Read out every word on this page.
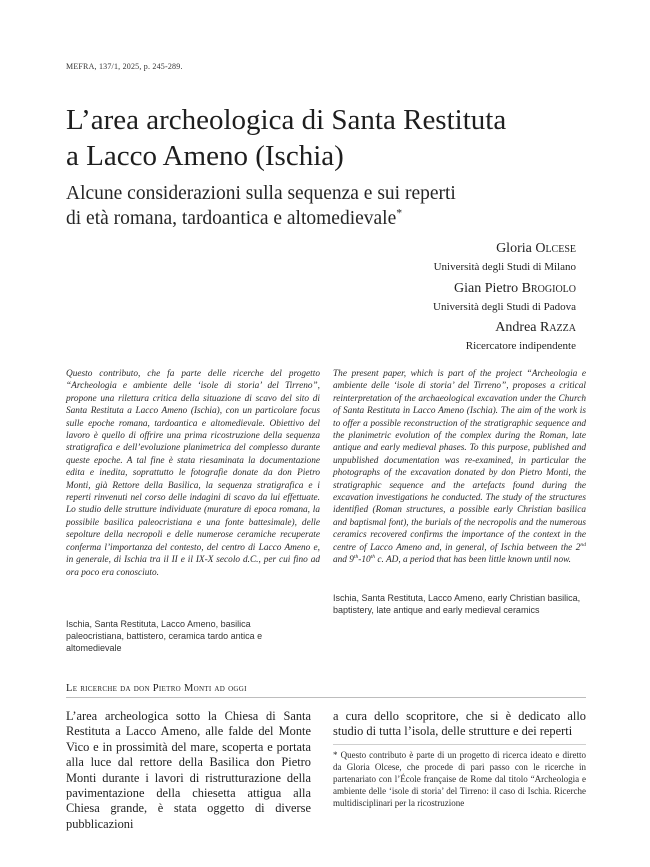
MEFRA, 137/1, 2025, p. 245-289.
L’area archeologica di Santa Restituta
a Lacco Ameno (Ischia)
Alcune considerazioni sulla sequenza e sui reperti
di età romana, tardoantica e altomedievale*
Gloria Olcese
Università degli Studi di Milano
Gian Pietro Brogiolo
Università degli Studi di Padova
Andrea Razza
Ricercatore indipendente
Questo contributo, che fa parte delle ricerche del progetto “Archeologia e ambiente delle ‘isole di storia’ del Tirreno”, propone una rilettura critica della situazione di scavo del sito di Santa Restituta a Lacco Ameno (Ischia), con un particolare focus sulle epoche romana, tardoantica e altomedievale. Obiettivo del lavoro è quello di offrire una prima ricostruzione della sequenza stratigrafica e dell’evoluzione planimetrica del complesso durante queste epoche. A tal fine è stata riesaminata la documentazione edita e inedita, soprattutto le fotografie donate da don Pietro Monti, già Rettore della Basilica, la sequenza stratigrafica e i reperti rinvenuti nel corso delle indagini di scavo da lui effettuate. Lo studio delle strutture individuate (murature di epoca romana, la possibile basilica paleocristiana e una fonte battesimale), delle sepolture della necropoli e delle numerose ceramiche recuperate conferma l’importanza del contesto, del centro di Lacco Ameno e, in generale, di Ischia tra il II e il IX-X secolo d.C., per cui fino ad ora poco era conosciuto.
The present paper, which is part of the project “Archeologia e ambiente delle ‘isole di storia’ del Tirreno”, proposes a critical reinterpretation of the archaeological excavation under the Church of Santa Restituta in Lacco Ameno (Ischia). The aim of the work is to offer a possible reconstruction of the stratigraphic sequence and the planimetric evolution of the complex during the Roman, late antique and early medieval phases. To this purpose, published and unpublished documentation was re-examined, in particular the photographs of the excavation donated by don Pietro Monti, the stratigraphic sequence and the artefacts found during the excavation investigations he conducted. The study of the structures identified (Roman structures, a possible early Christian basilica and baptismal font), the burials of the necropolis and the numerous ceramics recovered confirms the importance of the context in the centre of Lacco Ameno and, in general, of Ischia between the 2nd and 9th-10th c. AD, a period that has been little known until now.
Ischia, Santa Restituta, Lacco Ameno, basilica paleocristiana, battistero, ceramica tardo antica e altomedievale
Ischia, Santa Restituta, Lacco Ameno, early Christian basilica, baptistery, late antique and early medieval ceramics
Le ricerche da don Pietro Monti ad oggi
L’area archeologica sotto la Chiesa di Santa Restituta a Lacco Ameno, alle falde del Monte Vico e in prossimità del mare, scoperta e portata alla luce dal rettore della Basilica don Pietro Monti durante i lavori di ristrutturazione della pavimentazione della chiesetta attigua alla Chiesa grande, è stata oggetto di diverse pubblicazioni
a cura dello scopritore, che si è dedicato allo studio di tutta l’isola, delle strutture e dei reperti
* Questo contributo è parte di un progetto di ricerca ideato e diretto da Gloria Olcese, che procede di pari passo con le ricerche in partenariato con l’École française de Rome dal titolo “Archeologia e ambiente delle ‘isole di storia’ del Tirreno: il caso di Ischia. Ricerche multidisciplinari per la ricostruzione
